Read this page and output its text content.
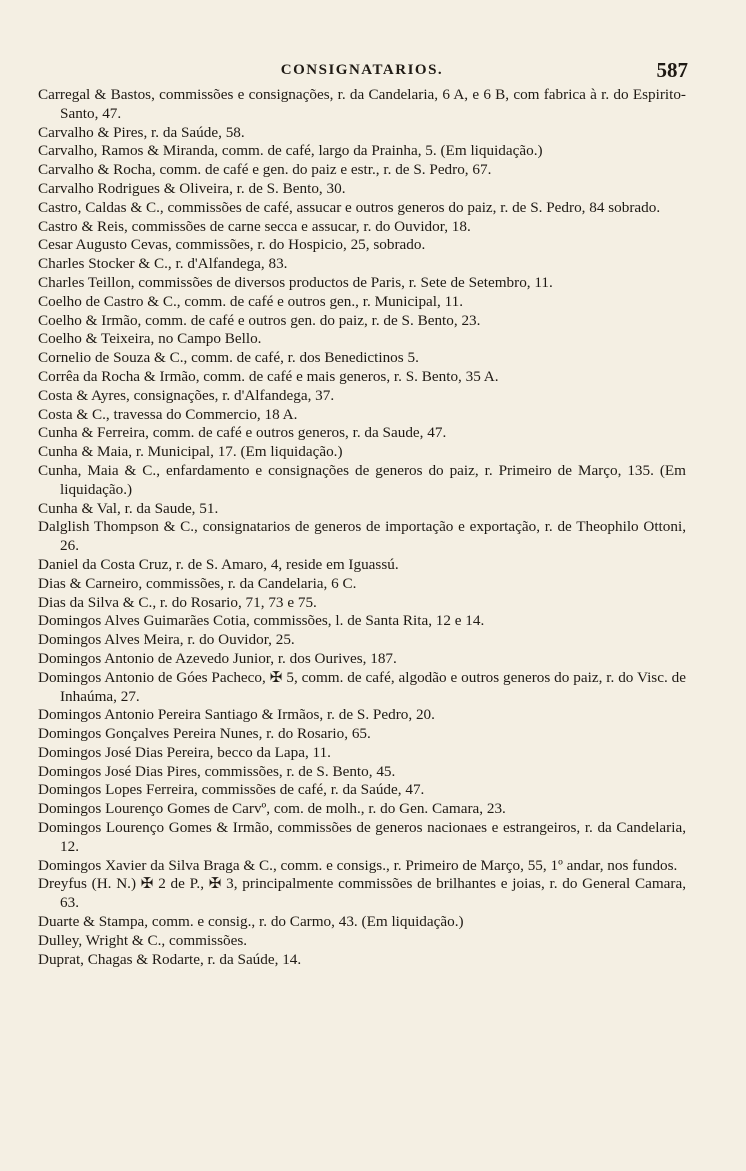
CONSIGNATARIOS.	587
Carregal & Bastos, commissões e consignações, r. da Candelaria, 6 A, e 6 B, com fabrica à r. do Espirito-Santo, 47.
Carvalho & Pires, r. da Saúde, 58.
Carvalho, Ramos & Miranda, comm. de café, largo da Prainha, 5. (Em liquidação.)
Carvalho & Rocha, comm. de café e gen. do paiz e estr., r. de S. Pedro, 67.
Carvalho Rodrigues & Oliveira, r. de S. Bento, 30.
Castro, Caldas & C., commissões de café, assucar e outros generos do paiz, r. de S. Pedro, 84 sobrado.
Castro & Reis, commissões de carne secca e assucar, r. do Ouvidor, 18.
Cesar Augusto Cevas, commissões, r. do Hospicio, 25, sobrado.
Charles Stocker & C., r. d'Alfandega, 83.
Charles Teillon, commissões de diversos productos de Paris, r. Sete de Setembro, 11.
Coelho de Castro & C., comm. de café e outros gen., r. Municipal, 11.
Coelho & Irmão, comm. de café e outros gen. do paiz, r. de S. Bento, 23.
Coelho & Teixeira, no Campo Bello.
Cornelio de Souza & C., comm. de café, r. dos Benedictinos 5.
Corrêa da Rocha & Irmão, comm. de café e mais generos, r. S. Bento, 35 A.
Costa & Ayres, consignações, r. d'Alfandega, 37.
Costa & C., travessa do Commercio, 18 A.
Cunha & Ferreira, comm. de café e outros generos, r. da Saude, 47.
Cunha & Maia, r. Municipal, 17. (Em liquidação.)
Cunha, Maia & C., enfardamento e consignações de generos do paiz, r. Primeiro de Março, 135. (Em liquidação.)
Cunha & Val, r. da Saude, 51.
Dalglish Thompson & C., consignatarios de generos de importação e exportação, r. de Theophilo Ottoni, 26.
Daniel da Costa Cruz, r. de S. Amaro, 4, reside em Iguassú.
Dias & Carneiro, commissões, r. da Candelaria, 6 C.
Dias da Silva & C., r. do Rosario, 71, 73 e 75.
Domingos Alves Guimarães Cotia, commissões, l. de Santa Rita, 12 e 14.
Domingos Alves Meira, r. do Ouvidor, 25.
Domingos Antonio de Azevedo Junior, r. dos Ourives, 187.
Domingos Antonio de Góes Pacheco, ✠ 5, comm. de café, algodão e outros generos do paiz, r. do Visc. de Inhaúma, 27.
Domingos Antonio Pereira Santiago & Irmãos, r. de S. Pedro, 20.
Domingos Gonçalves Pereira Nunes, r. do Rosario, 65.
Domingos José Dias Pereira, becco da Lapa, 11.
Domingos José Dias Pires, commissões, r. de S. Bento, 45.
Domingos Lopes Ferreira, commissões de café, r. da Saúde, 47.
Domingos Lourenço Gomes de Carvº, com. de molh., r. do Gen. Camara, 23.
Domingos Lourenço Gomes & Irmão, commissões de generos nacionaes e estrangeiros, r. da Candelaria, 12.
Domingos Xavier da Silva Braga & C., comm. e consigs., r. Primeiro de Março, 55, 1º andar, nos fundos.
Dreyfus (H. N.) ✠ 2 de P., ✠ 3, principalmente commissões de brilhantes e joias, r. do General Camara, 63.
Duarte & Stampa, comm. e consig., r. do Carmo, 43. (Em liquidação.)
Dulley, Wright & C., commissões.
Duprat, Chagas & Rodarte, r. da Saúde, 14.
